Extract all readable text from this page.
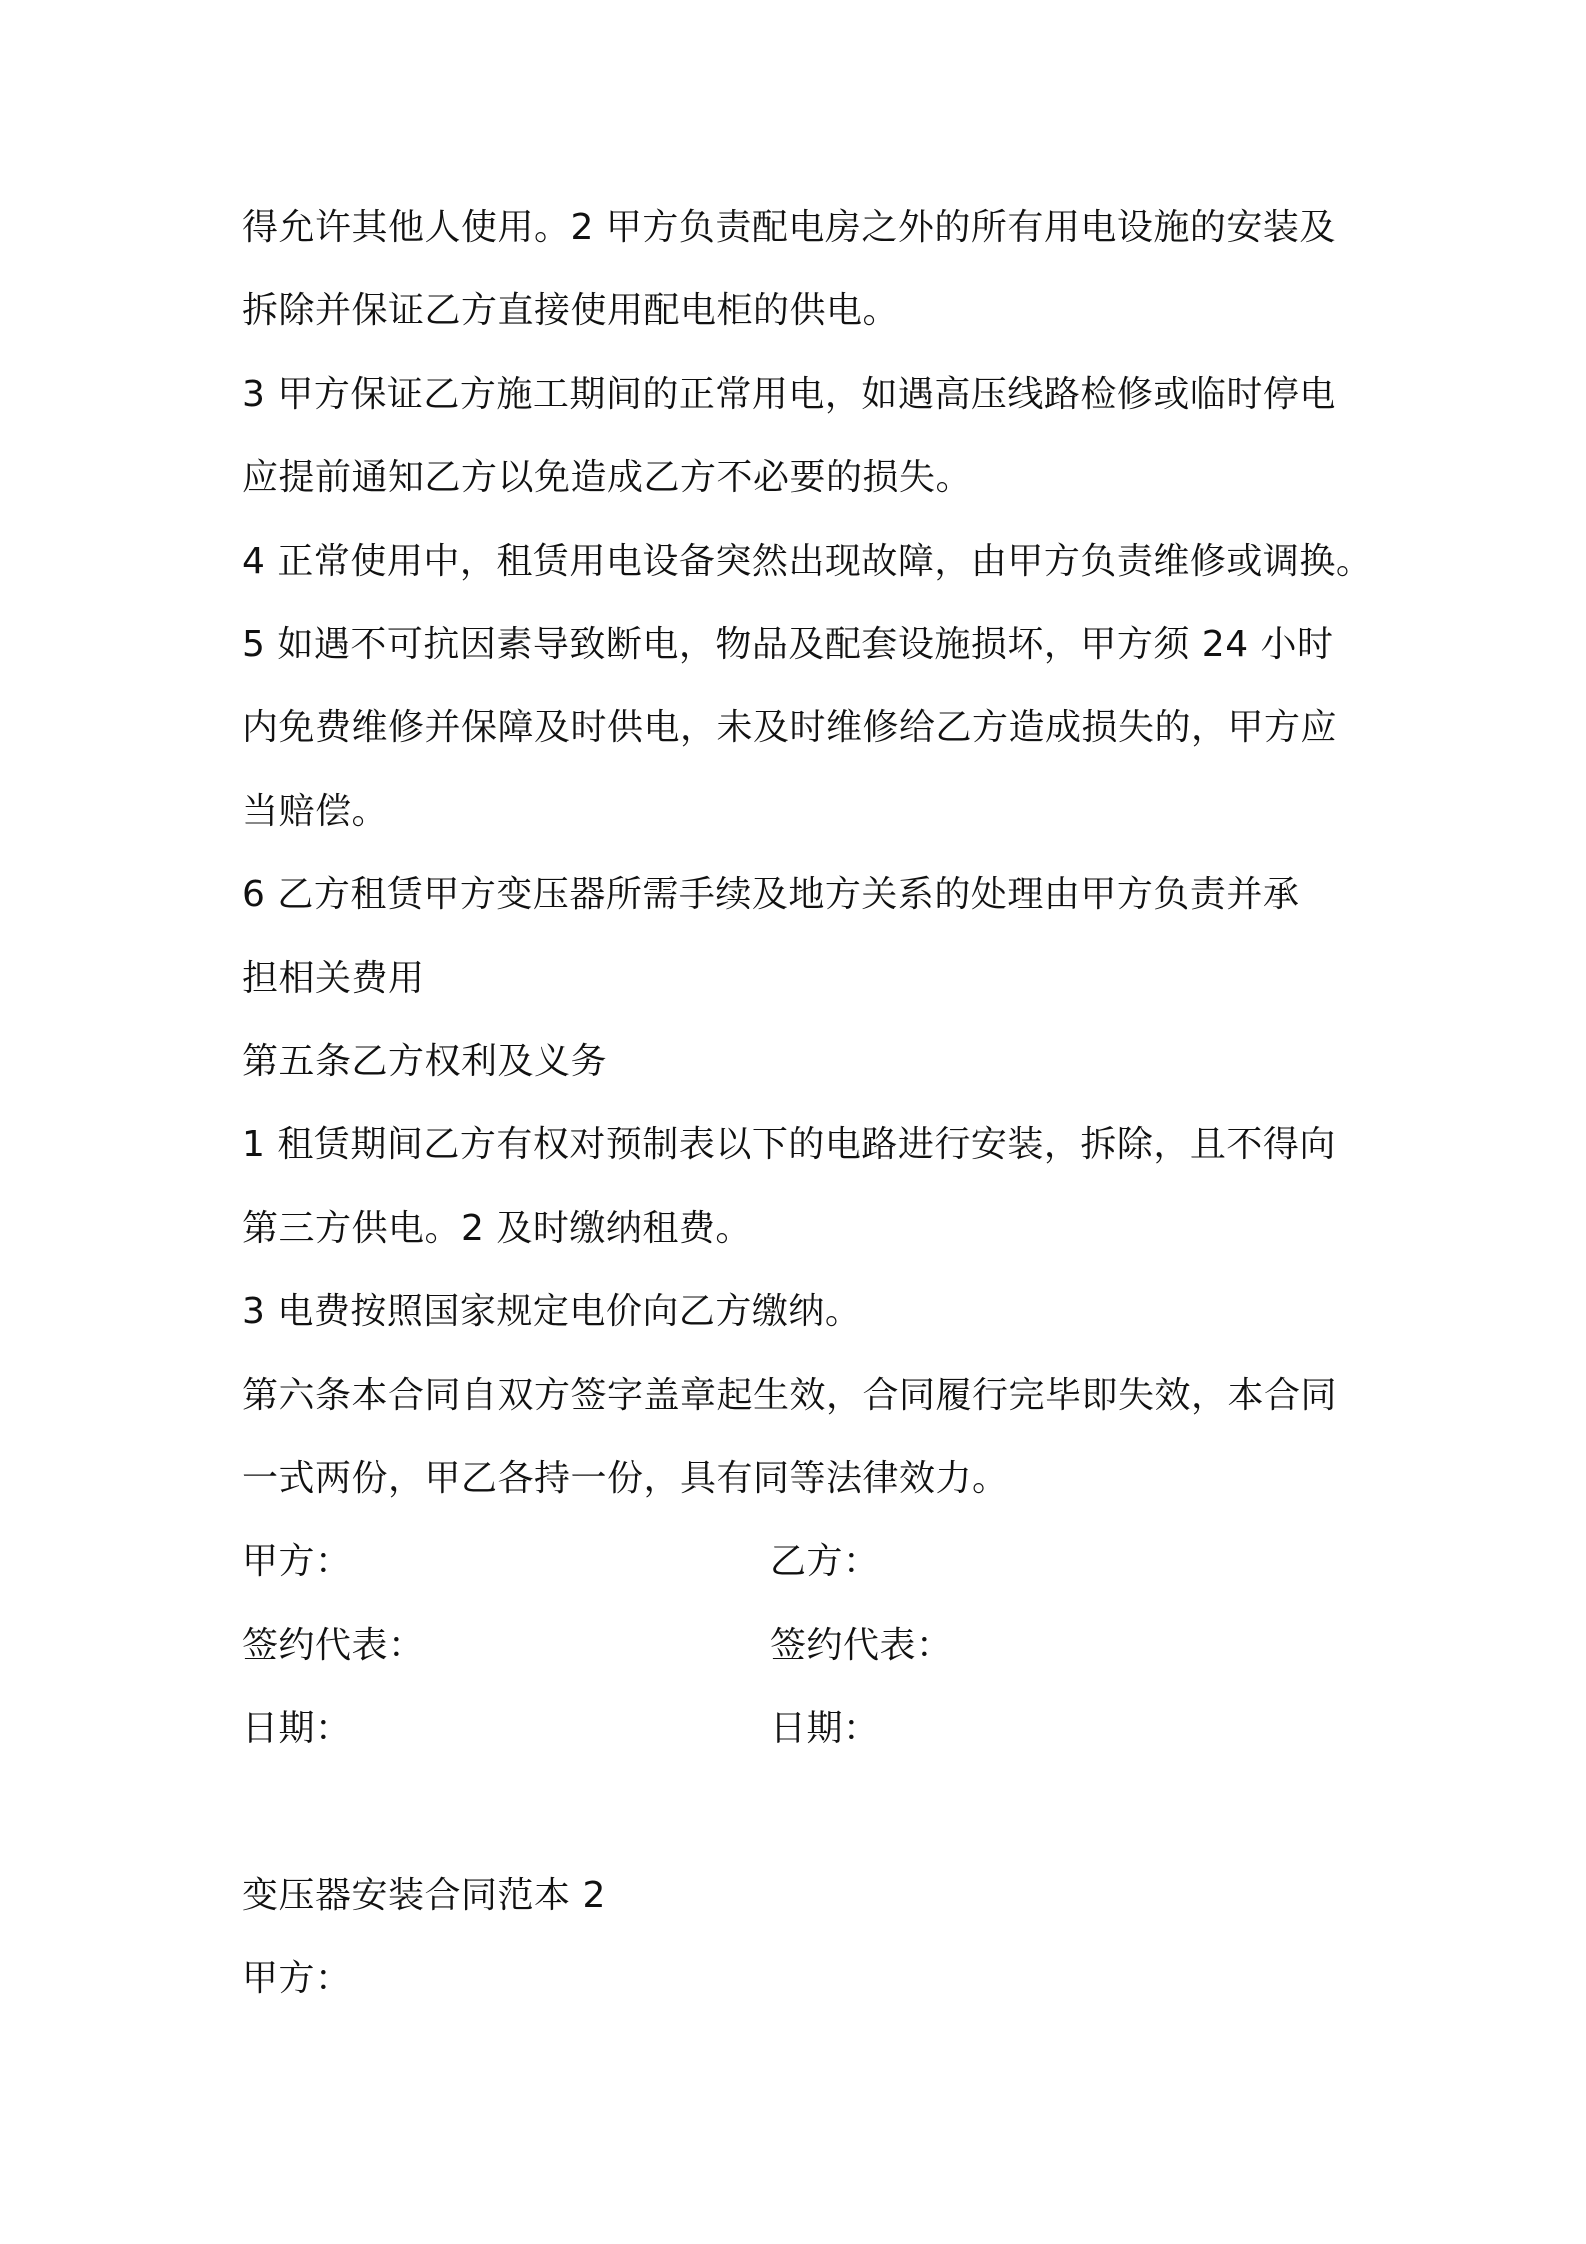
得允许其他人使用。2 甲方负责配电房之外的所有用电设施的安装及
拆除并保证乙方直接使用配电柜的供电。
3 甲方保证乙方施工期间的正常用电，如遇高压线路检修或临时停电
应提前通知乙方以免造成乙方不必要的损失。
4 正常使用中，租赁用电设备突然出现故障，由甲方负责维修或调换。
5 如遇不可抗因素导致断电，物品及配套设施损坏，甲方须 24 小时
内免费维修并保障及时供电，未及时维修给乙方造成损失的，甲方应
当赔偿。
6 乙方租赁甲方变压器所需手续及地方关系的处理由甲方负责并承
担相关费用
第五条乙方权利及义务
1 租赁期间乙方有权对预制表以下的电路进行安装，拆除，且不得向
第三方供电。2 及时缴纳租费。
3 电费按照国家规定电价向乙方缴纳。
第六条本合同自双方签字盖章起生效，合同履行完毕即失效，本合同
一式两份，甲乙各持一份，具有同等法律效力。
甲方：	乙方：
签约代表：	签约代表：
日期：	日期：
变压器安装合同范本 2
甲方：
